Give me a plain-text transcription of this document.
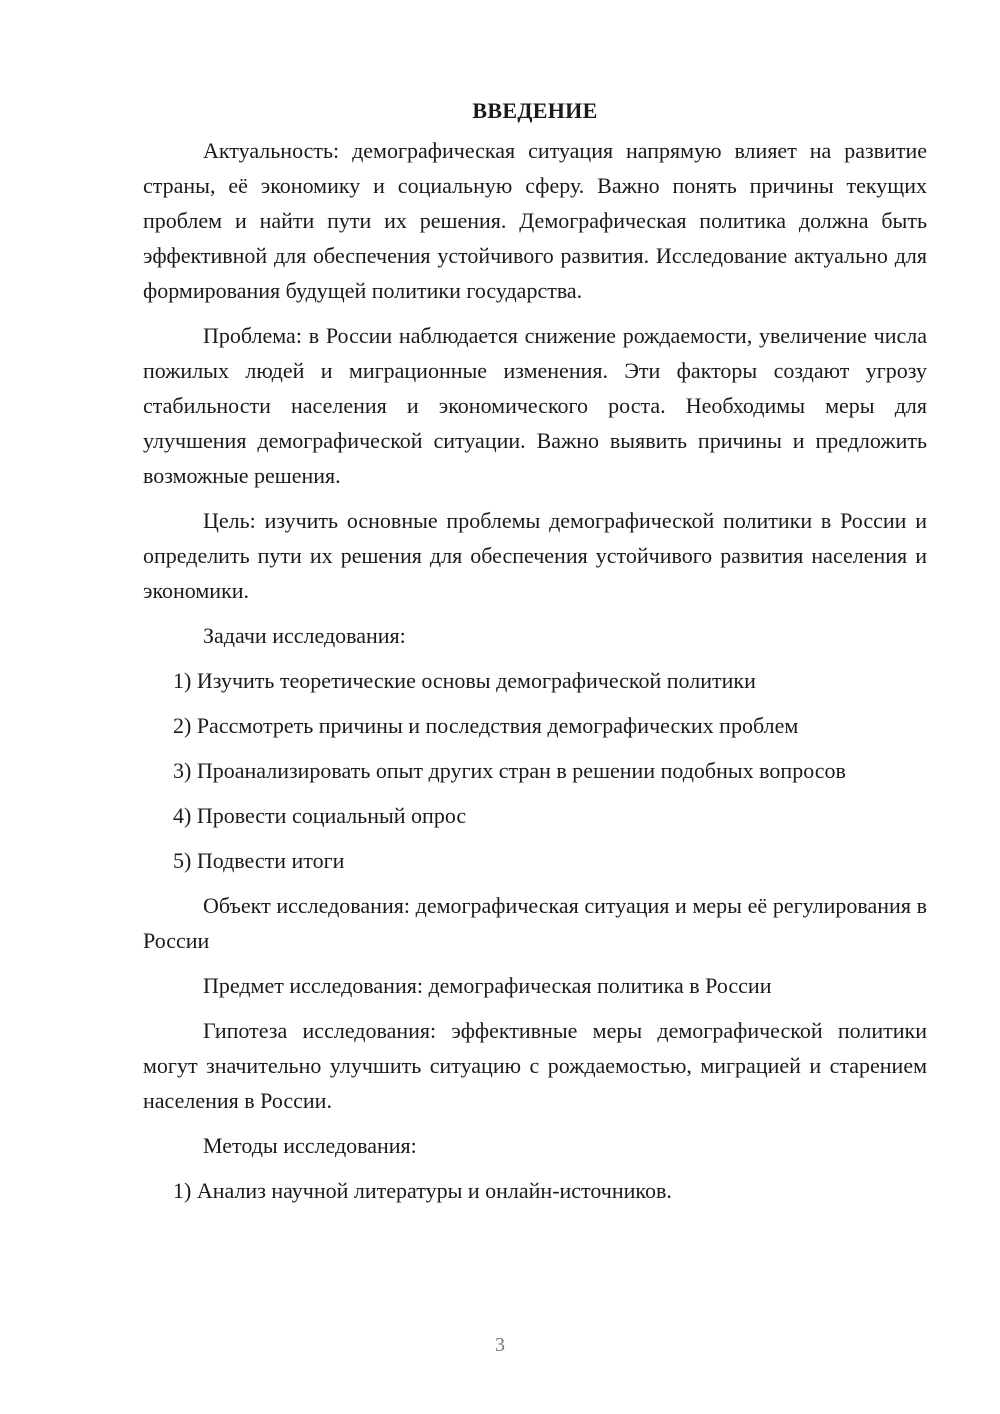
ВВЕДЕНИЕ

Актуальность: демографическая ситуация напрямую влияет на развитие страны, её экономику и социальную сферу. Важно понять причины текущих проблем и найти пути их решения. Демографическая политика должна быть эффективной для обеспечения устойчивого развития. Исследование актуально для формирования будущей политики государства.

Проблема: в России наблюдается снижение рождаемости, увеличение числа пожилых людей и миграционные изменения. Эти факторы создают угрозу стабильности населения и экономического роста. Необходимы меры для улучшения демографической ситуации. Важно выявить причины и предложить возможные решения.

Цель: изучить основные проблемы демографической политики в России и определить пути их решения для обеспечения устойчивого развития населения и экономики.

Задачи исследования:

1) Изучить теоретические основы демографической политики

2) Рассмотреть причины и последствия демографических проблем

3) Проанализировать опыт других стран в решении подобных вопросов

4) Провести социальный опрос

5) Подвести итоги

Объект исследования: демографическая ситуация и меры её регулирования в России

Предмет исследования: демографическая политика в России

Гипотеза исследования: эффективные меры демографической политики могут значительно улучшить ситуацию с рождаемостью, миграцией и старением населения в России.

Методы исследования:

1) Анализ научной литературы и онлайн-источников.

3
